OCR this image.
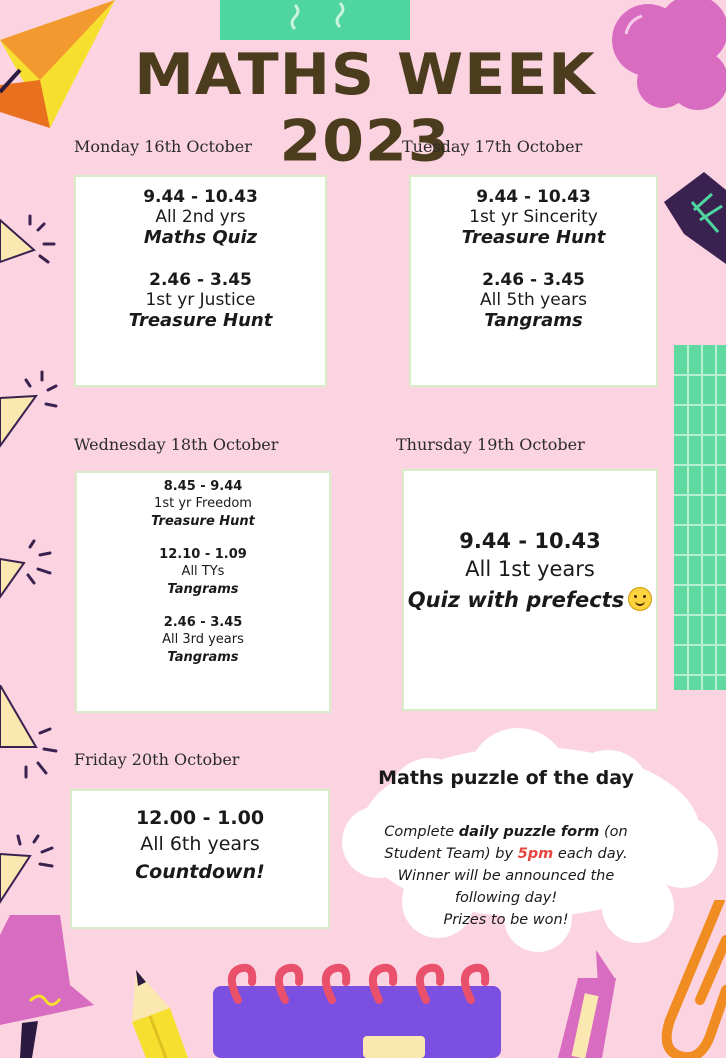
MATHS WEEK 2023
Monday 16th October
9.44 - 10.43
All 2nd yrs
Maths Quiz
2.46 - 3.45
1st yr Justice
Treasure Hunt
Tuesday 17th October
9.44 - 10.43
1st yr Sincerity
Treasure Hunt
2.46 - 3.45
All 5th years
Tangrams
Wednesday 18th October
8.45 - 9.44
1st yr Freedom
Treasure Hunt
12.10 - 1.09
All TYs
Tangrams
2.46 - 3.45
All 3rd years
Tangrams
Thursday 19th October
9.44 - 10.43
All 1st years
Quiz with prefects
Friday 20th October
12.00 - 1.00
All 6th years
Countdown!
Maths puzzle of the day
Complete daily puzzle form (on
Student Team) by 5pm each day.
Winner will be announced the
following day!
Prizes to be won!
